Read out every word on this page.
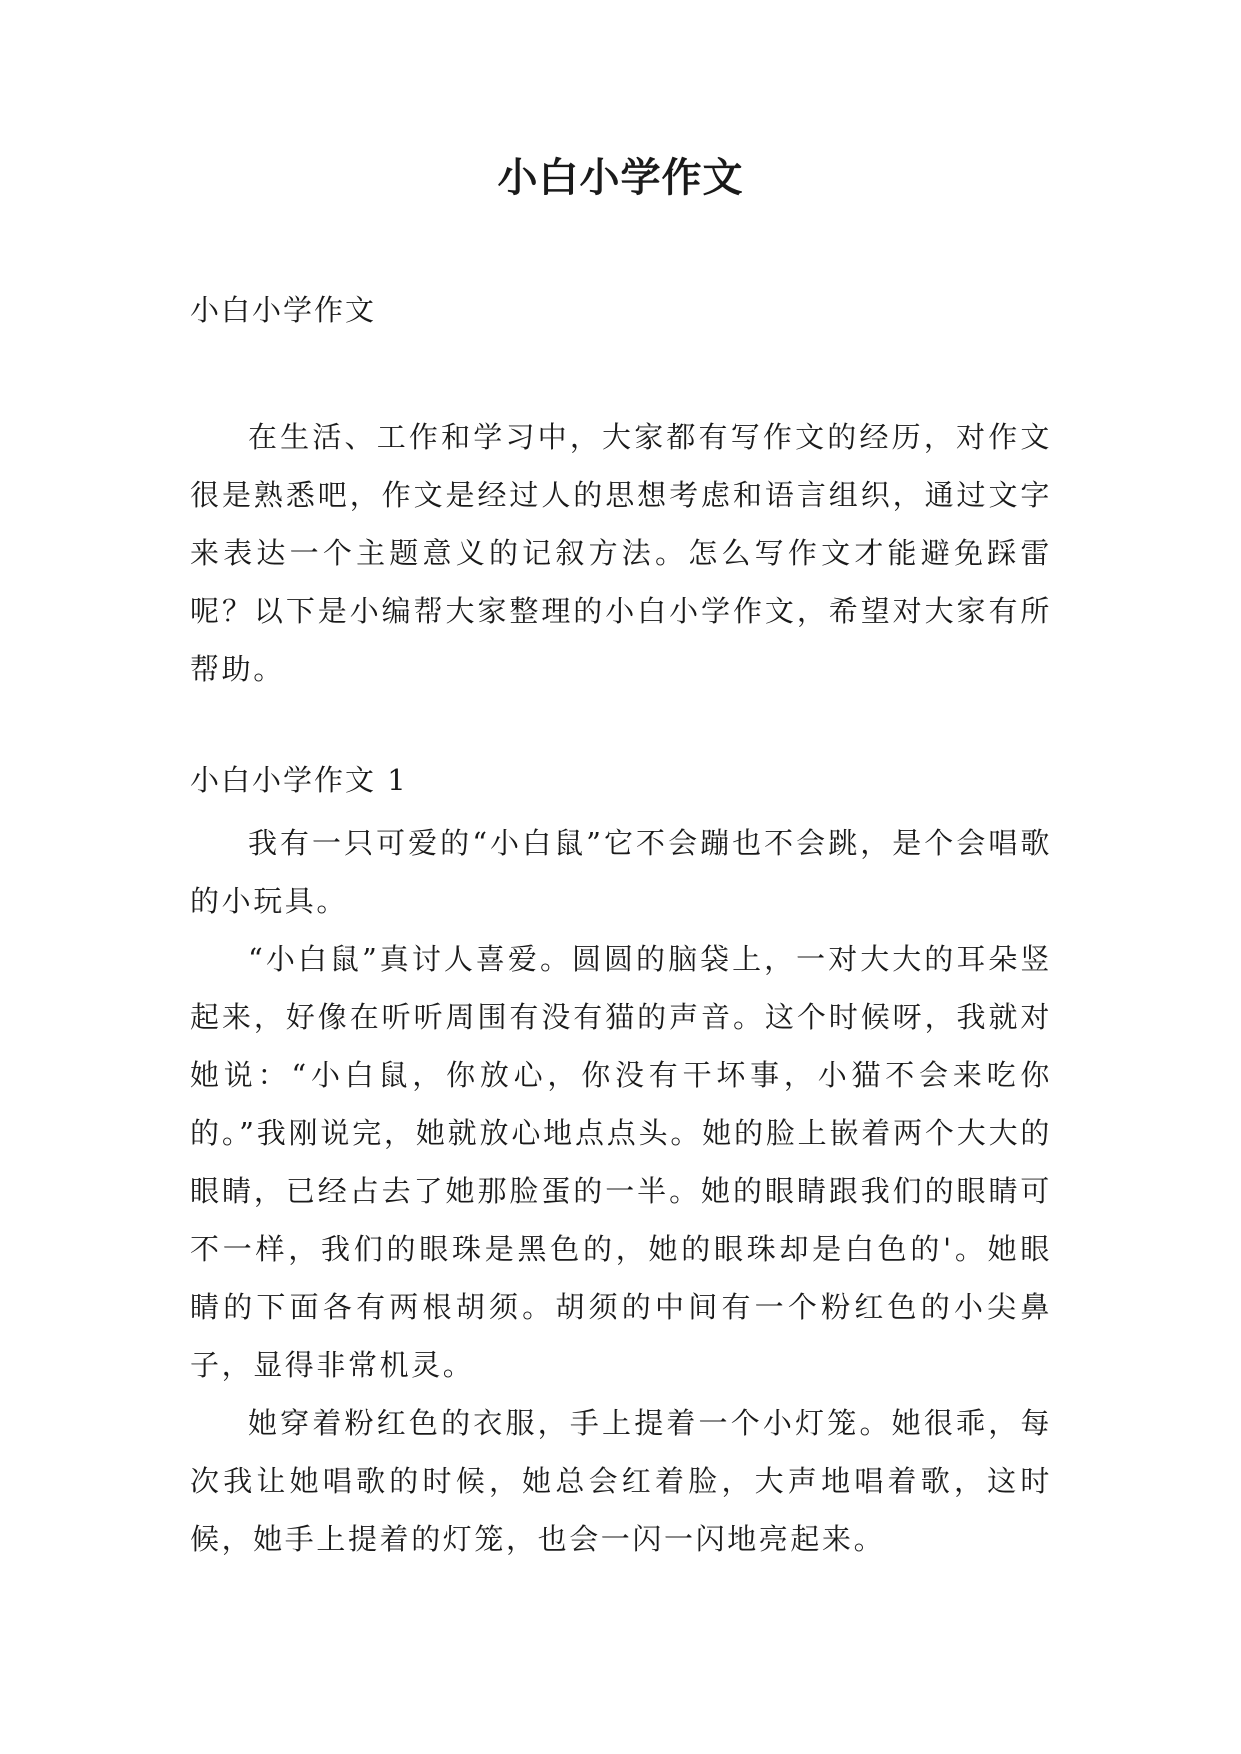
小白小学作文

小白小学作文

在生活、工作和学习中，大家都有写作文的经历，对作文很是熟悉吧，作文是经过人的思想考虑和语言组织，通过文字来表达一个主题意义的记叙方法。怎么写作文才能避免踩雷呢？以下是小编帮大家整理的小白小学作文，希望对大家有所帮助。

小白小学作文 1

我有一只可爱的“小白鼠”它不会蹦也不会跳，是个会唱歌的小玩具。

“小白鼠”真讨人喜爱。圆圆的脑袋上，一对大大的耳朵竖起来，好像在听听周围有没有猫的声音。这个时候呀，我就对她说：“小白鼠，你放心，你没有干坏事，小猫不会来吃你的。”我刚说完，她就放心地点点头。她的脸上嵌着两个大大的眼睛，已经占去了她那脸蛋的一半。她的眼睛跟我们的眼睛可不一样，我们的眼珠是黑色的，她的眼珠却是白色的'。她眼睛的下面各有两根胡须。胡须的中间有一个粉红色的小尖鼻子，显得非常机灵。

她穿着粉红色的衣服，手上提着一个小灯笼。她很乖，每次我让她唱歌的时候，她总会红着脸，大声地唱着歌，这时候，她手上提着的灯笼，也会一闪一闪地亮起来。
